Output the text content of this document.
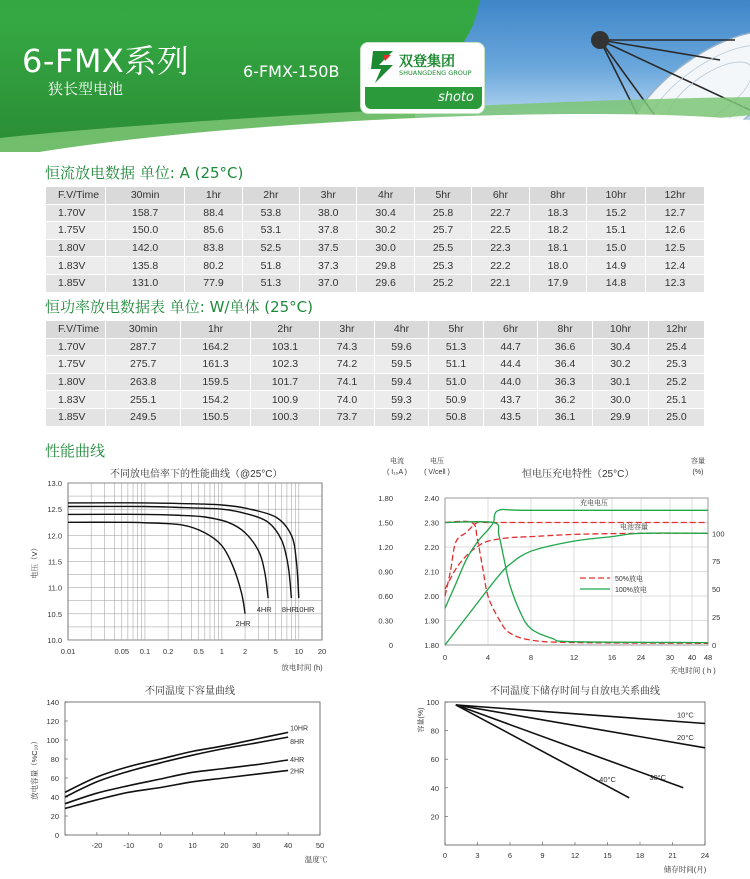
6-FMX系列
狭长型电池
6-FMX-150B	双登集团
SHUANGDENG GROUP
shoto
恒流放电数据 单位: A (25°C)
F.V/Time	30min	1hr	2hr	3hr	4hr	5hr	6hr	8hr	10hr	12hr
1.70V	158.7	88.4	53.8	38.0	30.4	25.8	22.7	18.3	15.2	12.7
1.75V	150.0	85.6	53.1	37.8	30.2	25.7	22.5	18.2	15.1	12.6
1.80V	142.0	83.8	52.5	37.5	30.0	25.5	22.3	18.1	15.0	12.5
1.83V	135.8	80.2	51.8	37.3	29.8	25.3	22.2	18.0	14.9	12.4
1.85V	131.0	77.9	51.3	37.0	29.6	25.2	22.1	17.9	14.8	12.3
恒功率放电数据表 单位: W/单体 (25°C)
F.V/Time	30min	1hr	2hr	3hr	4hr	5hr	6hr	8hr	10hr	12hr
1.70V	287.7	164.2	103.1	74.3	59.6	51.3	44.7	36.6	30.4	25.4
1.75V	275.7	161.3	102.3	74.2	59.5	51.1	44.4	36.4	30.2	25.3
1.80V	263.8	159.5	101.7	74.1	59.4	51.0	44.0	36.3	30.1	25.2
1.83V	255.1	154.2	100.9	74.0	59.3	50.9	43.7	36.2	30.0	25.1
1.85V	249.5	150.5	100.3	73.7	59.2	50.8	43.5	36.1	29.9	25.0
性能曲线
不同放电倍率下的性能曲线（@25°C）
0.01	0.05 0.1 0.2	0.5 1	2	5 10 20
10.0
10.5
11.0
11.5
12.0
12.5
13.0
电压（V）
放电时间 (h)
2HR
4HR 8HR
10HR
恒电压充电特性（25°C）
0	4	8	12	16	24	30 40 48
1.80
1.90
2.00
2.10
2.20
2.30
2.40
0
0.30
0.60
0.90
1.20
1.50
1.80
0
25
50
75
100
电流
( I₁₀A )
电压
( V/cell )
容量
(%)
充电时间 ( h )
充电电压
电池容量
50%放电
100%放电
不同温度下容量曲线
-20	-10	0	10	20	30	40	50
0
20
40
60
80
100
120
140
放电容量（%C₁₀）
温度℃
10HR
8HR
4HR
2HR
不同温度下储存时间与自放电关系曲线
0	3	6	9	12	15	18	21	24
20
40
60
80
100
容量(%)
储存时间(月)
10°C
20°C
30°C
40°C
